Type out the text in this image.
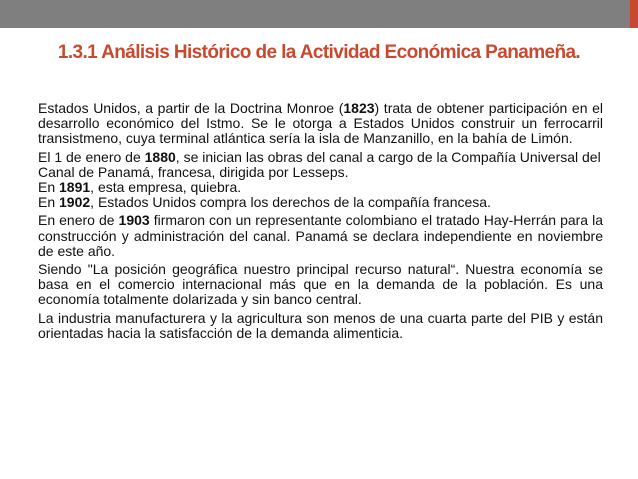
1.3.1 Análisis Histórico de la Actividad Económica Panameña.

Estados Unidos, a partir de la Doctrina Monroe (1823) trata de obtener participación en el desarrollo económico del Istmo. Se le otorga a Estados Unidos construir un ferrocarril transistmeno, cuya terminal atlántica sería la isla de Manzanillo, en la bahía de Limón.

El 1 de enero de 1880, se inician las obras del canal a cargo de la Compañía Universal del Canal de Panamá, francesa, dirigida por Lesseps.

En 1891, esta empresa, quiebra.

En 1902, Estados Unidos compra los derechos de la compañía francesa.

En enero de 1903 firmaron con un representante colombiano el tratado Hay-Herrán para la construcción y administración del canal. Panamá se declara independiente en noviembre de este año.

Siendo "La posición geográfica nuestro principal recurso natural“. Nuestra economía se basa en el comercio internacional más que en la demanda de la población. Es una economía totalmente dolarizada y sin banco central.

La industria manufacturera y la agricultura son menos de una cuarta parte del PIB y están orientadas hacia la satisfacción de la demanda alimenticia.
